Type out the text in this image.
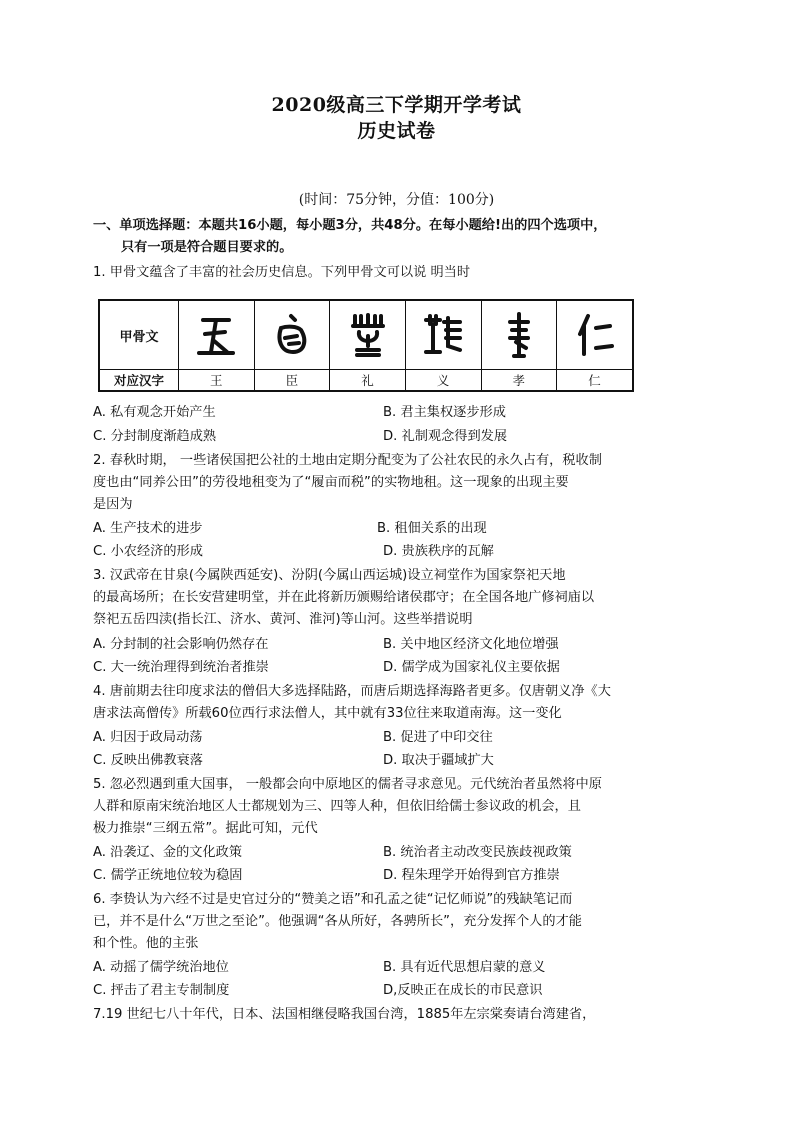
2020级高三下学期开学考试
历史试卷
(时间：75分钟，分值：100分)
一、单项选择题：本题共16小题，每小题3分，共48分。在每小题给!出的四个选项中，
只有一项是符合题目要求的。
1. 甲骨文蕴含了丰富的社会历史信息。下列甲骨文可以说 明当时
甲骨文	

对应汉字	王	臣	礼	义	孝	仁
A. 私有观念开始产生	B. 君主集权逐步形成
C. 分封制度渐趋成熟	D. 礼制观念得到发展
2. 春秋时期， 一些诸侯国把公社的土地由定期分配变为了公社农民的永久占有，税收制
度也由“同养公田”的劳役地租变为了“履亩而税”的实物地租。这一现象的出现主要
是因为
A. 生产技术的进步	B. 租佃关系的出现
C. 小农经济的形成	D. 贵族秩序的瓦解
3. 汉武帝在甘泉(今属陕西延安)、汾阴(今属山西运城)设立祠堂作为国家祭祀天地
的最高场所；在长安营建明堂，并在此将新历颁赐给诸侯郡守；在全国各地广修祠庙以
祭祀五岳四渎(指长江、济水、黄河、淮河)等山河。这些举措说明
A. 分封制的社会影响仍然存在	B. 关中地区经济文化地位增强
C. 大一统治理得到统治者推崇	D. 儒学成为国家礼仪主要依据
4. 唐前期去往印度求法的僧侣大多选择陆路，而唐后期选择海路者更多。仅唐朝义净《大
唐求法高僧传》所载60位西行求法僧人，其中就有33位往来取道南海。这一变化
A. 归因于政局动荡	B. 促进了中印交往
C. 反映出佛教衰落	D. 取决于疆域扩大
5. 忽必烈遇到重大国事， 一般都会向中原地区的儒者寻求意见。元代统治者虽然将中原
人群和原南宋统治地区人士都规划为三、四等人种，但依旧给儒士参议政的机会，且
极力推崇“三纲五常”。据此可知，元代
A. 沿袭辽、金的文化政策	B. 统治者主动改变民族歧视政策
C. 儒学正统地位较为稳固	D. 程朱理学开始得到官方推崇
6. 李贽认为六经不过是史官过分的“赞美之语”和孔孟之徒“记忆师说”的残缺笔记而
已，并不是什么“万世之至论”。他强调“各从所好，各骋所长”，充分发挥个人的才能
和个性。他的主张
A. 动摇了儒学统治地位	B. 具有近代思想启蒙的意义
C. 抨击了君主专制制度	D,反映正在成长的市民意识
7.19 世纪七八十年代，日本、法国相继侵略我国台湾，1885年左宗棠奏请台湾建省，
